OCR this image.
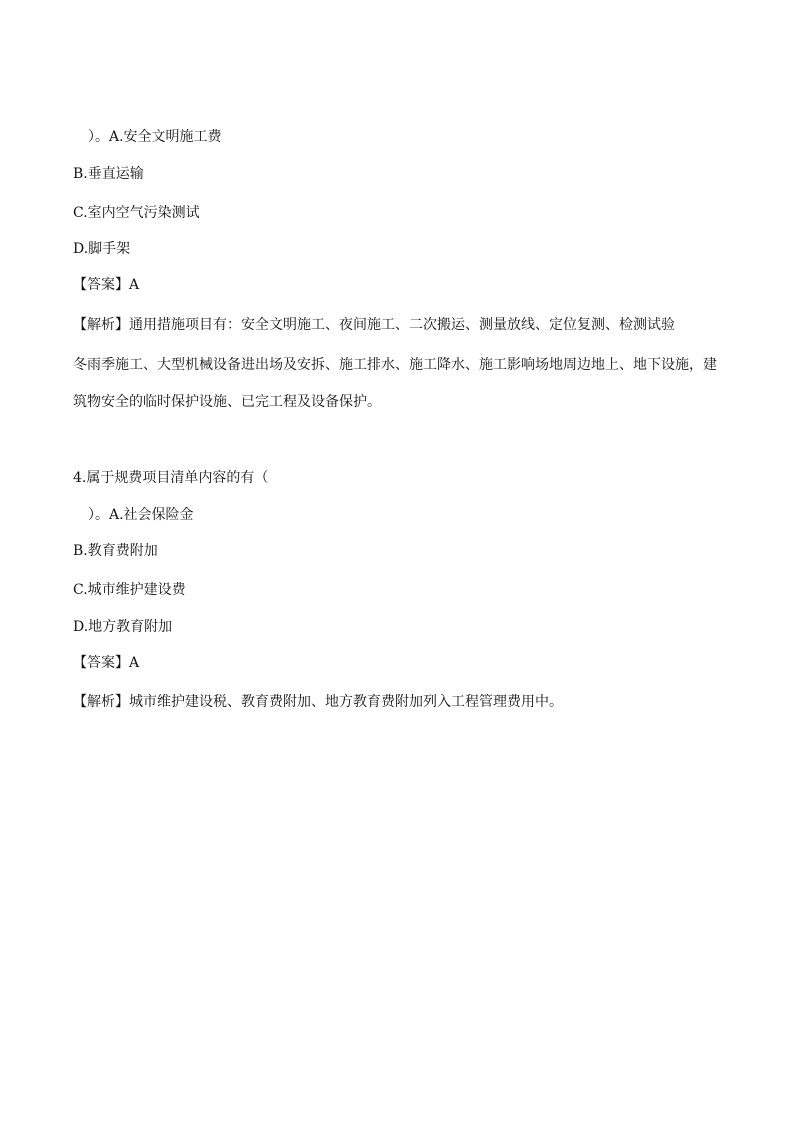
）。A.安全文明施工费
B.垂直运输
C.室内空气污染测试
D.脚手架
【答案】A
【解析】通用措施项目有：安全文明施工、夜间施工、二次搬运、测量放线、定位复测、检测试验
冬雨季施工、大型机械设备进出场及安拆、施工排水、施工降水、施工影响场地周边地上、地下设施，建
筑物安全的临时保护设施、已完工程及设备保护。
4.属于规费项目清单内容的有（
）。A.社会保险金
B.教育费附加
C.城市维护建设费
D.地方教育附加
【答案】A
【解析】城市维护建设税、教育费附加、地方教育费附加列入工程管理费用中。
